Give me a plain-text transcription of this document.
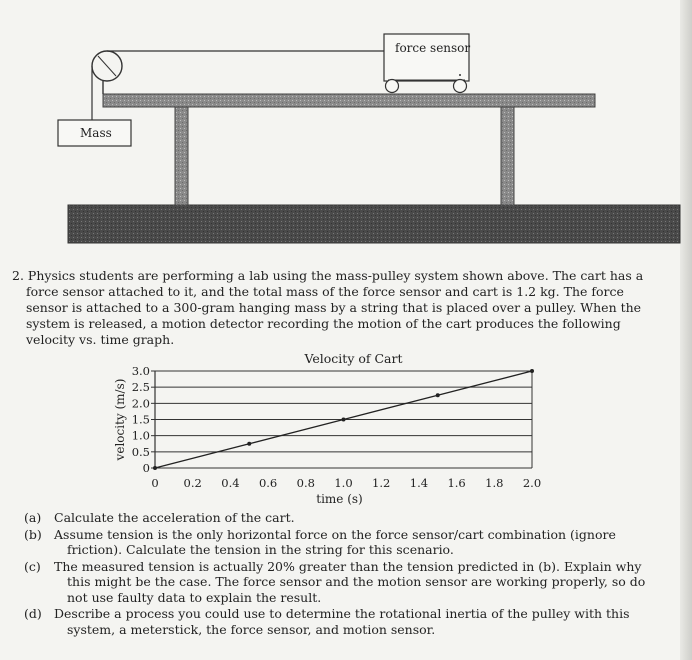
Mass
force sensor

2. Physics students are performing a lab using the mass-pulley system shown above. The cart has a force sensor attached to it, and the total mass of the force sensor and cart is 1.2 kg. The force sensor is attached to a 300-gram hanging mass by a string that is placed over a pulley. When the system is released, a motion detector recording the motion of the cart produces the following velocity vs. time graph.

0
0.5
1.0
1.5
2.0
2.5
3.0
0 0.2 0.4 0.6 0.8 1.0 1.2 1.4 1.6 1.8 2.0
Velocity of Cart
time (s)
velocity (m/s)
(a) Calculate the acceleration of the cart.
(b) Assume tension is the only horizontal force on the force sensor/cart combination (ignore friction). Calculate the tension in the string for this scenario.
(c) The measured tension is actually 20% greater than the tension predicted in (b). Explain why this might be the case. The force sensor and the motion sensor are working properly, so do not use faulty data to explain the result.
(d) Describe a process you could use to determine the rotational inertia of the pulley with this system, a meterstick, the force sensor, and motion sensor.
